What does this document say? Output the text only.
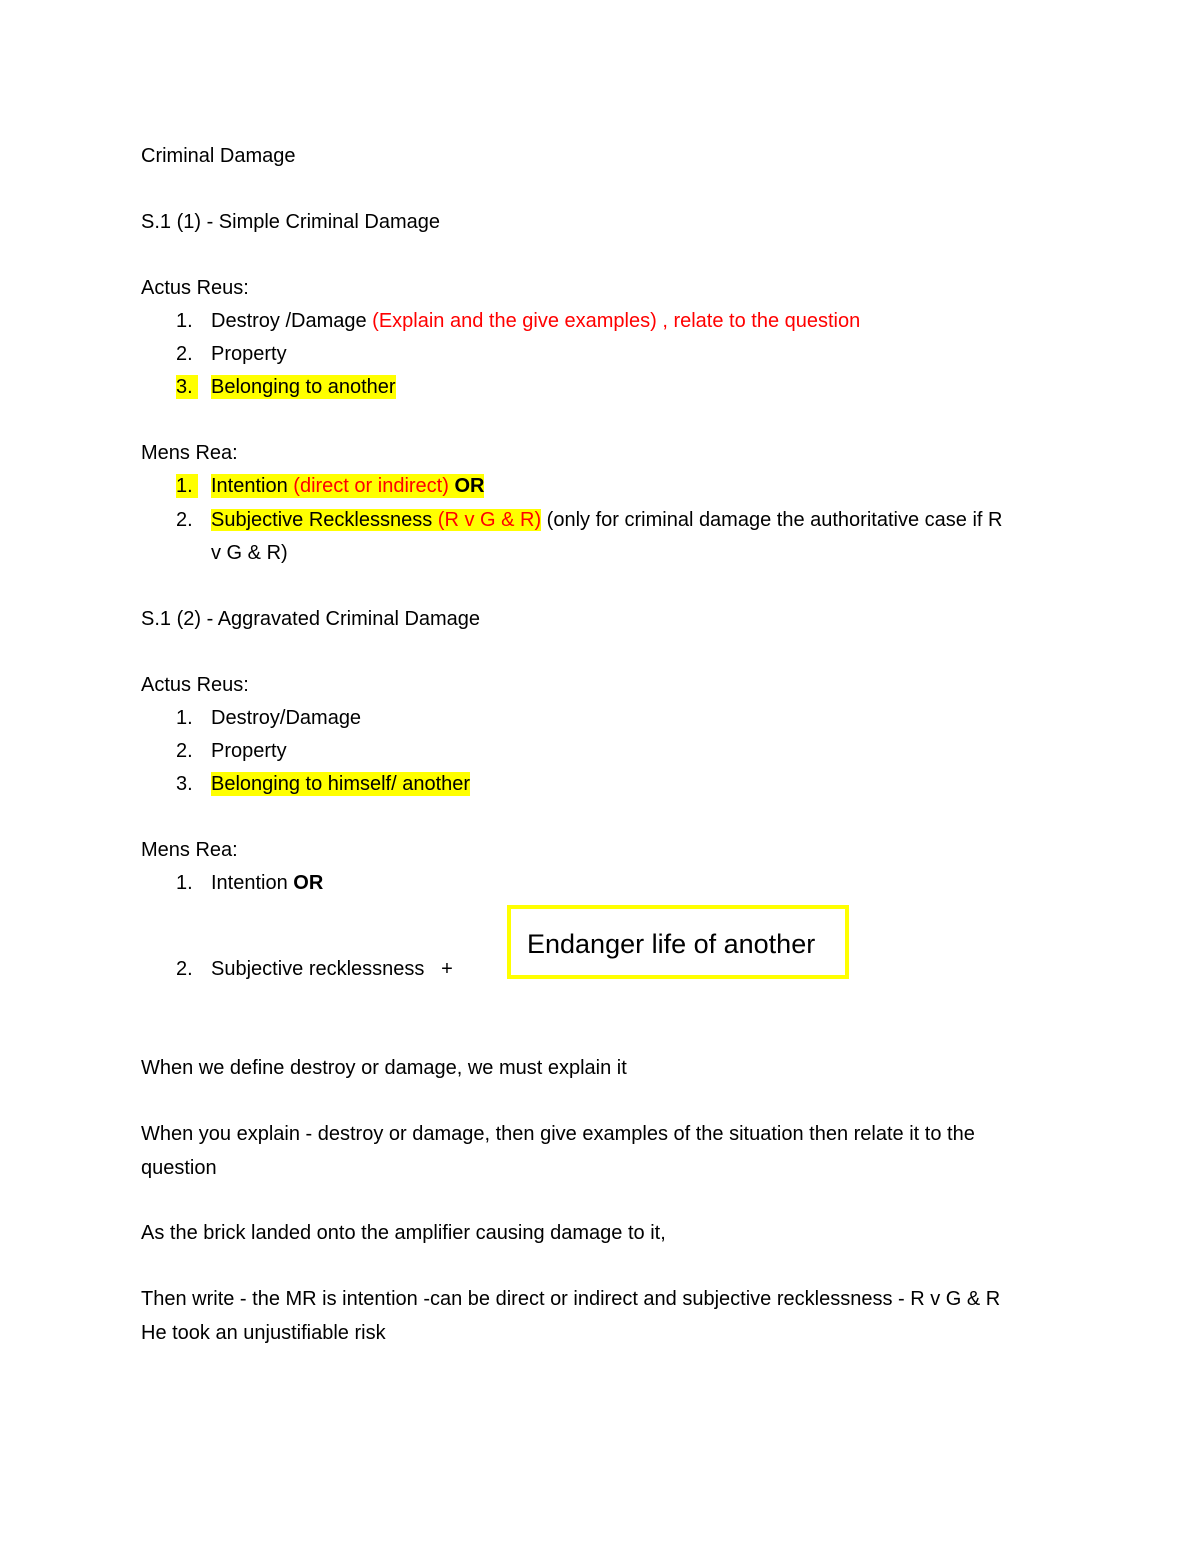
Criminal Damage
S.1 (1) - Simple Criminal Damage
Actus Reus:
1. Destroy /Damage (Explain and the give examples) , relate to the question
2. Property
3. Belonging to another
Mens Rea:
1. Intention (direct or indirect) OR
2. Subjective Recklessness (R v G & R) (only for criminal damage the authoritative case if R
v G & R)
S.1 (2) - Aggravated Criminal Damage
Actus Reus:
1. Destroy/Damage
2. Property
3. Belonging to himself/ another
Mens Rea:
1. Intention OR
2. Subjective recklessness   +
Endanger life of another
When we define destroy or damage, we must explain it
When you explain - destroy or damage, then give examples of the situation then relate it to the
question
As the brick landed onto the amplifier causing damage to it,
Then write - the MR is intention -can be direct or indirect and subjective recklessness - R v G & R
He took an unjustifiable risk
